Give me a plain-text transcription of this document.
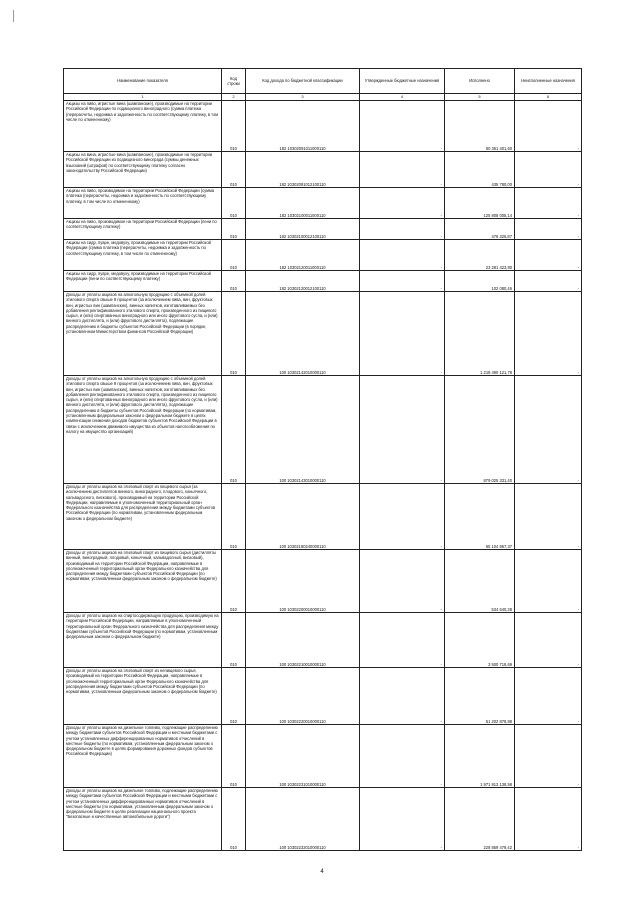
Наименование показателя	Код строки	Код дохода по бюджетной классификации	Утвержденные бюджетные назначения	Исполнено	Неисполненные назначения
1	2	3	4	5	6
Акцизы на пиво, игристые вина (шампанские), производимые на территории Российской Федерации по подакцизного виноградного (сумма платежа (перерасчеты, недоимка и задолженность по соответствующему платежу, в том числе по отмененному)	010	182 10302091011000110	-	50 351 401,60	-
Акцизы на вина, игристые вина (шампанские), производимые на территории Российской Федерации из подакцизного винограда (суммы денежных взысканий (штрафов) по соответствующему платежу согласно законодательству Российской Федерации)	010	182 10302091012100110	-	435 780,00	-
Акцизы на пиво, производимое на территории Российской Федерации (сумма платежа (перерасчеты, недоимка и задолженность по соответствующему платежу, в том числе по отмененному)	010	182 10302100011000110	-	125 808 005,14	-
Акцизы на пиво, производимое на территории Российской Федерации (пени по соответствующему платежу)	010	182 10302100012100110	-	476 326,87	-
Акцизы на сидр, пуаре, медовуху, производимые на территории Российской Федерации (сумма платежа (перерасчеты, недоимка и задолженность по соответствующему платежу, в том числе по отмененному)	010	182 10302120011000110	-	23 281 423,80	-
Акцизы на сидр, пуаре, медовуху, производимые на территории Российской Федерации (пени по соответствующему платежу)	010	182 10302120012100110	-	102 080,46	-
Доходы от уплаты акцизов на алкогольную продукцию с объемной долей этилового спирта свыше 9 процентов (за исключением пива, вин, фруктовых вин, игристых вин (шампанских), винных напитков, изготавливаемых без добавления ректификованного этилового спирта, произведенного из пищевого сырья, и (или) спиртованных виноградного или иного фруктового сусла, и (или) винного дистиллята, и (или) фруктового дистиллята), подлежащие распределению в бюджеты субъектов Российской Федерации (в порядке, установленном Министерством финансов Российской Федерации)	010	100 10302142010000110	-	1 218 490 121,78	-
Доходы от уплаты акцизов на алкогольную продукцию с объемной долей этилового спирта свыше 9 процентов (за исключением пива, вин, фруктовых вин, игристых вин (шампанских), винных напитков, изготавливаемых без добавления ректификованного этилового спирта, произведенного из пищевого сырья, и (или) спиртованных виноградного или иного фруктового сусла, и (или) винного дистиллята, и (или) фруктового дистиллята), подлежащие распределению в бюджеты субъектов Российской Федерации (по нормативам, установленным федеральным законом о федеральном бюджете в целях компенсации снижения доходов бюджетов субъектов Российской Федерации в связи с исключением движимого имущества из объектов налогообложения по налогу на имущество организаций)	010	100 10302143010000110	-	879 025 331,40	-
Доходы от уплаты акцизов на этиловый спирт из пищевого сырья (за исключением дистиллятов винного, виноградного, плодового, коньячного, кальвадосного, вискового), производимый на территории Российской Федерации, направляемые в уполномоченный территориальный орган Федерального казначейства для распределения между бюджетами субъектов Российской Федерации (по нормативам, установленным федеральным законом о федеральном бюджете)	010	100 10302180240000110	-	65 104 867,37	-
Доходы от уплаты акцизов на этиловый спирт из пищевого сырья (дистилляты винный, виноградный, плодовый, коньячный, кальвадосный, висковый), производимый на территории Российской Федерации, направляемые в уполномоченный территориальный орган Федерального казначейства для распределения между бюджетами субъектов Российской Федерации (по нормативам, установленным федеральным законом о федеральном бюджете)	010	100 10302200010000110	-	534 640,38	-
Доходы от уплаты акцизов на спиртосодержащую продукцию, производимую на территории Российской Федерации, направляемые в уполномоченный территориальный орган Федерального казначейства для распределения между бюджетами субъектов Российской Федерации (по нормативам, установленным федеральным законом о федеральном бюджете)	010	100 10302210010000110	-	3 500 718,69	-
Доходы от уплаты акцизов на этиловый спирт из непищевого сырья, производимый на территории Российской Федерации, направляемые в уполномоченный территориальный орган Федерального казначейства для распределения между бюджетами субъектов Российской Федерации (по нормативам, установленным федеральным законом о федеральном бюджете)	010	100 10302220010000110	-	51 202 878,88	-
Доходы от уплаты акцизов на дизельное топливо, подлежащие распределению между бюджетами субъектов Российской Федерации и местными бюджетами с учетом установленных дифференцированных нормативов отчислений в местные бюджеты (по нормативам, установленным федеральным законом о федеральном бюджете в целях формирования дорожных фондов субъектов Российской Федерации)	010	100 10302231010000110	-	1 971 913 138,58	-
Доходы от уплаты акцизов на дизельное топливо, подлежащие распределению между бюджетами субъектов Российской Федерации и местными бюджетами с учетом установленных дифференцированных нормативов отчислений в местные бюджеты (по нормативам, установленным федеральным законом о федеральном бюджете в целях реализации национального проекта "Безопасные и качественные автомобильные дороги")	010	100 10302232010000110	-	228 859 479,42	-
4
